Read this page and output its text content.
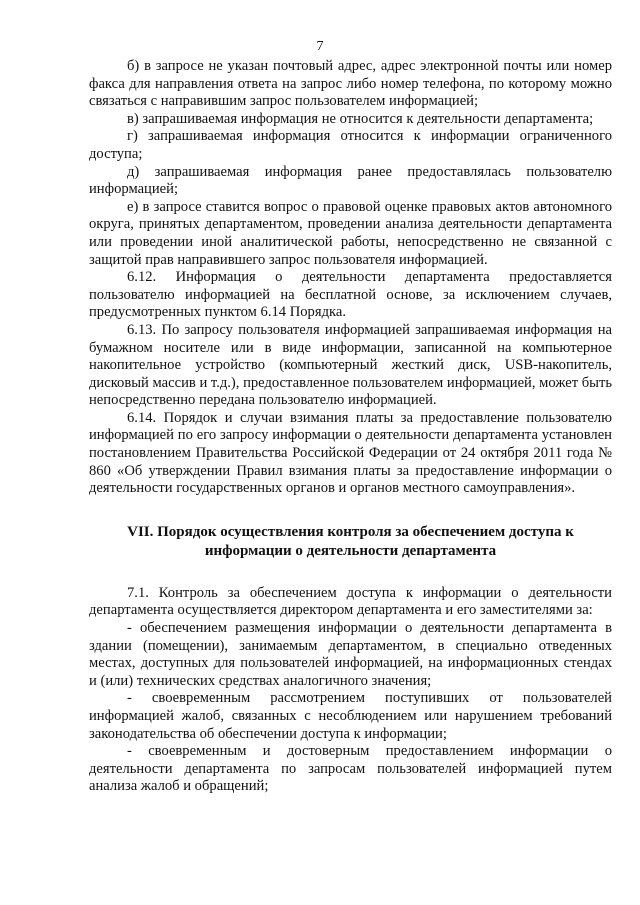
7

б) в запросе не указан почтовый адрес, адрес электронной почты или номер факса для направления ответа на запрос либо номер телефона, по которому можно связаться с направившим запрос пользователем информацией;

в) запрашиваемая информация не относится к деятельности департамента;

г) запрашиваемая информация относится к информации ограниченного доступа;

д) запрашиваемая информация ранее предоставлялась пользователю информацией;

е) в запросе ставится вопрос о правовой оценке правовых актов автономного округа, принятых департаментом, проведении анализа деятельности департамента или проведении иной аналитической работы, непосредственно не связанной с защитой прав направившего запрос пользователя информацией.

6.12. Информация о деятельности департамента предоставляется пользователю информацией на бесплатной основе, за исключением случаев, предусмотренных пунктом 6.14 Порядка.

6.13. По запросу пользователя информацией запрашиваемая информация на бумажном носителе или в виде информации, записанной на компьютерное накопительное устройство (компьютерный жесткий диск, USB-накопитель, дисковый массив и т.д.), предоставленное пользователем информацией, может быть непосредственно передана пользователю информацией.

6.14. Порядок и случаи взимания платы за предоставление пользователю информацией по его запросу информации о деятельности департамента установлен постановлением Правительства Российской Федерации от 24 октября 2011 года № 860 «Об утверждении Правил взимания платы за предоставление информации о деятельности государственных органов и органов местного самоуправления».

VII. Порядок осуществления контроля за обеспечением доступа к
информации о деятельности департамента

7.1. Контроль за обеспечением доступа к информации о деятельности департамента осуществляется директором департамента и его заместителями за:

- обеспечением размещения информации о деятельности департамента в здании (помещении), занимаемым департаментом, в специально отведенных местах, доступных для пользователей информацией, на информационных стендах и (или) технических средствах аналогичного значения;

- своевременным рассмотрением поступивших от пользователей информацией жалоб, связанных с несоблюдением или нарушением требований законодательства об обеспечении доступа к информации;

- своевременным и достоверным предоставлением информации о деятельности департамента по запросам пользователей информацией путем анализа жалоб и обращений;
